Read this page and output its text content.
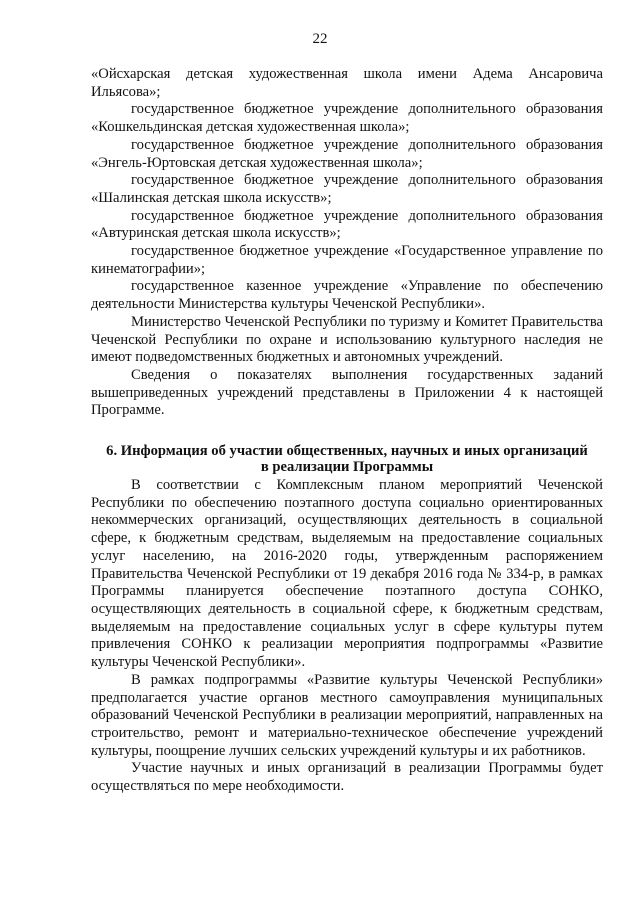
22

«Ойсхарская детская художественная школа имени Адема Ансаровича Ильясова»;

государственное бюджетное учреждение дополнительного образования «Кошкельдинская детская художественная школа»;

государственное бюджетное учреждение дополнительного образования «Энгель-Юртовская детская художественная школа»;

государственное бюджетное учреждение дополнительного образования «Шалинская детская школа искусств»;

государственное бюджетное учреждение дополнительного образования «Автуринская детская школа искусств»;

государственное бюджетное учреждение «Государственное управление по кинематографии»;

государственное казенное учреждение «Управление по обеспечению деятельности Министерства культуры Чеченской Республики».

Министерство Чеченской Республики по туризму и Комитет Правительства Чеченской Республики по охране и использованию культурного наследия не имеют подведомственных бюджетных и автономных учреждений.

Сведения о показателях выполнения государственных заданий вышеприведенных учреждений представлены в Приложении 4 к настоящей Программе.

6. Информация об участии общественных, научных и иных организаций
в реализации Программы

В соответствии с Комплексным планом мероприятий Чеченской Республики по обеспечению поэтапного доступа социально ориентированных некоммерческих организаций, осуществляющих деятельность в социальной сфере, к бюджетным средствам, выделяемым на предоставление социальных услуг населению, на 2016-2020 годы, утвержденным распоряжением Правительства Чеченской Республики от 19 декабря 2016 года № 334-р, в рамках Программы планируется обеспечение поэтапного доступа СОНКО, осуществляющих деятельность в социальной сфере, к бюджетным средствам, выделяемым на предоставление социальных услуг в сфере культуры путем привлечения СОНКО к реализации мероприятия подпрограммы «Развитие культуры Чеченской Республики».

В рамках подпрограммы «Развитие культуры Чеченской Республики» предполагается участие органов местного самоуправления муниципальных образований Чеченской Республики в реализации мероприятий, направленных на строительство, ремонт и материально-техническое обеспечение учреждений культуры, поощрение лучших сельских учреждений культуры и их работников.

Участие научных и иных организаций в реализации Программы будет осуществляться по мере необходимости.
